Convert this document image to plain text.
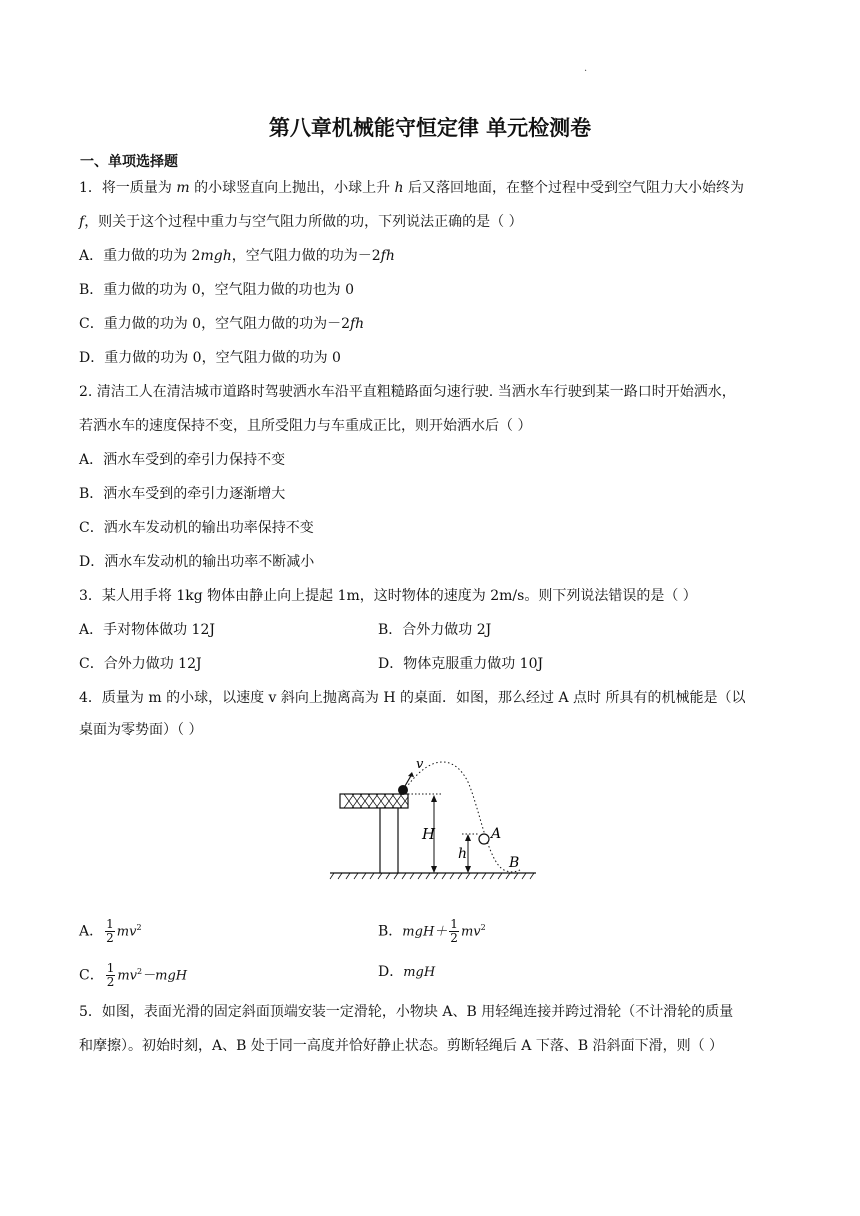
·
第八章机械能守恒定律 单元检测卷
一、单项选择题
1．将一质量为 m 的小球竖直向上抛出，小球上升 h 后又落回地面，在整个过程中受到空气阻力大小始终为
f，则关于这个过程中重力与空气阻力所做的功，下列说法正确的是（ ）
A．重力做的功为 2mgh，空气阻力做的功为－2fh
B．重力做的功为 0，空气阻力做的功也为 0
C．重力做的功为 0，空气阻力做的功为－2fh
D．重力做的功为 0，空气阻力做的功为 0
2. 清洁工人在清洁城市道路时驾驶洒水车沿平直粗糙路面匀速行驶. 当洒水车行驶到某一路口时开始洒水，
若洒水车的速度保持不变，且所受阻力与车重成正比，则开始洒水后（ ）
A．洒水车受到的牵引力保持不变
B．洒水车受到的牵引力逐渐增大
C．洒水车发动机的输出功率保持不变
D．洒水车发动机的输出功率不断减小
3．某人用手将 1kg 物体由静止向上提起 1m，这时物体的速度为 2m/s。则下列说法错误的是（ ）
A．手对物体做功 12J	B．合外力做功 2J
C．合外力做功 12J	D．物体克服重力做功 10J
4．质量为 m 的小球，以速度 v 斜向上抛离高为 H 的桌面．如图，那么经过 A 点时 所具有的机械能是（以
桌面为零势面）（ ）
v
H
h
A
B
A． $\frac{1}{2} mv^2$	B．$mgH+ \frac{1}{2} mv^2$
C． $\frac{1}{2} mv^2-mgH$	D．mgH
5．如图，表面光滑的固定斜面顶端安装一定滑轮，小物块 A、B 用轻绳连接并跨过滑轮（不计滑轮的质量
和摩擦）。初始时刻，A、B 处于同一高度并恰好静止状态。剪断轻绳后 A 下落、B 沿斜面下滑，则（ ）
